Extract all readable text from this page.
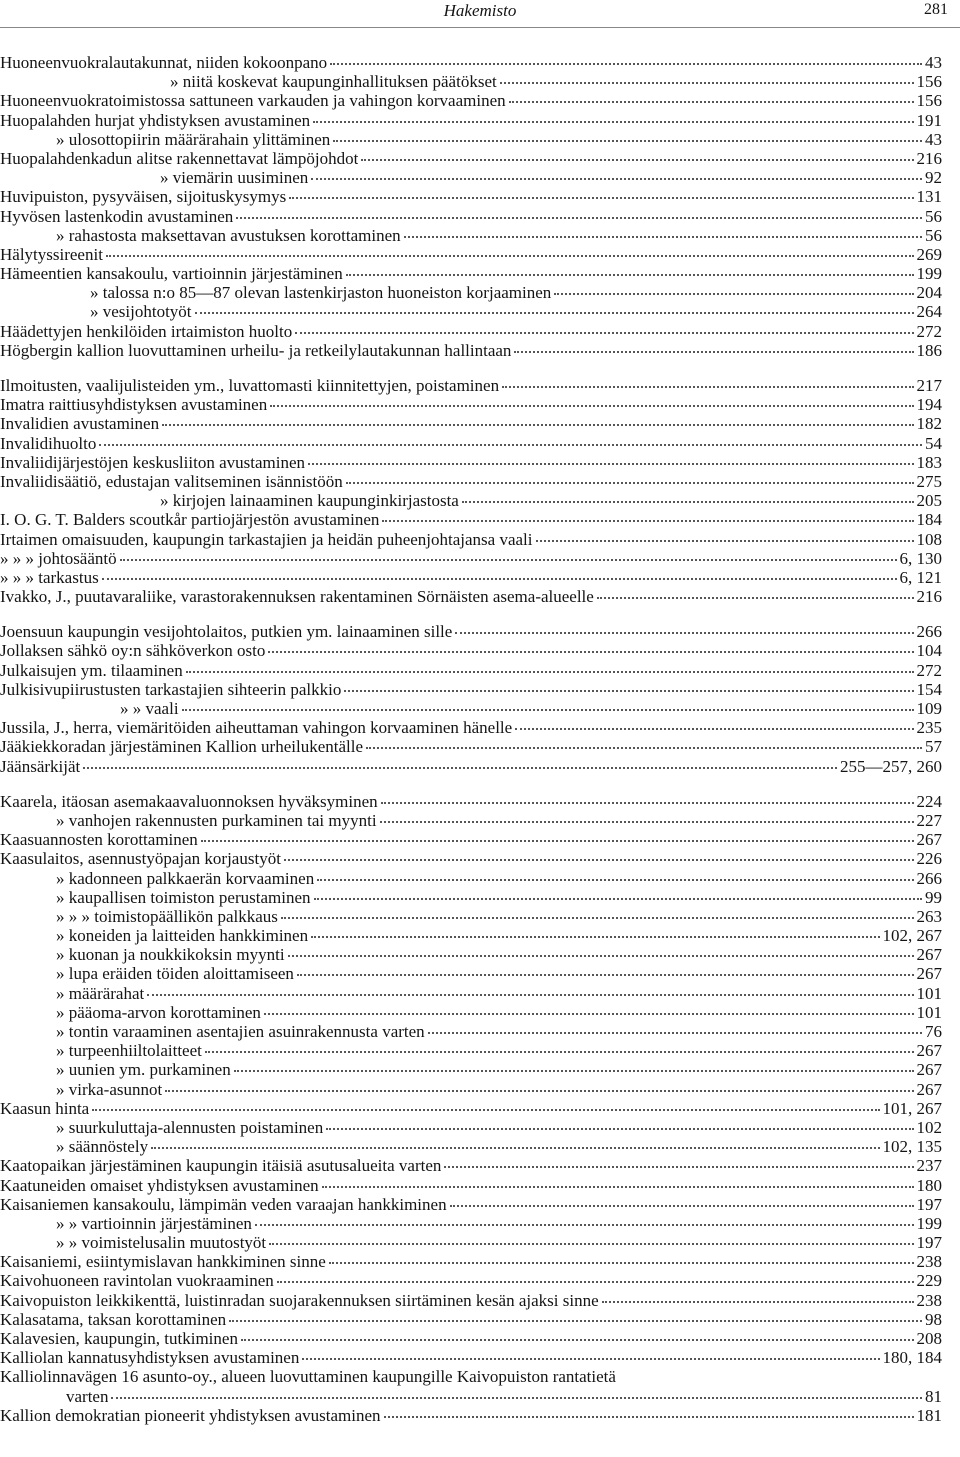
Hakemisto	281
Huoneenvuokralautakunnat, niiden kokoonpano	43
» niitä koskevat kaupunginhallituksen päätökset	156
Huoneenvuokratoimistossa sattuneen varkauden ja vahingon korvaaminen	156
Huopalahden hurjat yhdistyksen avustaminen	191
» ulosottopiirin määrärahain ylittäminen	43
Huopalahdenkadun alitse rakennettavat lämpöjohdot	216
» viemärin uusiminen	92
Huvipuiston, pysyväisen, sijoituskysymys	131
Hyvösen lastenkodin avustaminen	56
» rahastosta maksettavan avustuksen korottaminen	56
Hälytyssireenit	269
Hämeentien kansakoulu, vartioinnin järjestäminen	199
» talossa n:o 85—87 olevan lastenkirjaston huoneiston korjaaminen	204
» vesijohtotyöt	264
Häädettyjen henkilöiden irtaimiston huolto	272
Högbergin kallion luovuttaminen urheilu- ja retkeilylautakunnan hallintaan	186
Ilmoitusten, vaalijulisteiden ym., luvattomasti kiinnitettyjen, poistaminen	217
Imatra raittiusyhdistyksen avustaminen	194
Invalidien avustaminen	182
Invalidihuolto	54
Invaliidijärjestöjen keskusliiton avustaminen	183
Invaliidisäätiö, edustajan valitseminen isännistöön	275
» kirjojen lainaaminen kaupunginkirjastosta	205
I. O. G. T. Balders scoutkår partiojärjestön avustaminen	184
Irtaimen omaisuuden, kaupungin tarkastajien ja heidän puheenjohtajansa vaali	108
» » » johtosääntö	6, 130
» » » tarkastus	6, 121
Ivakko, J., puutavaraliike, varastorakennuksen rakentaminen Sörnäisten asema-alueelle	216
Joensuun kaupungin vesijohtolaitos, putkien ym. lainaaminen sille	266
Jollaksen sähkö oy:n sähköverkon osto	104
Julkaisujen ym. tilaaminen	272
Julkisivupiirustusten tarkastajien sihteerin palkkio	154
» » vaali	109
Jussila, J., herra, viemäritöiden aiheuttaman vahingon korvaaminen hänelle	235
Jääkiekkoradan järjestäminen Kallion urheilukentälle	57
Jäänsärkijät	255—257, 260
Kaarela, itäosan asemakaavaluonnoksen hyväksyminen	224
» vanhojen rakennusten purkaminen tai myynti	227
Kaasuannosten korottaminen	267
Kaasulaitos, asennustyöpajan korjaustyöt	226
» kadonneen palkkaerän korvaaminen	266
» kaupallisen toimiston perustaminen	99
» » » toimistopäällikön palkkaus	263
» koneiden ja laitteiden hankkiminen	102, 267
» kuonan ja noukkikoksin myynti	267
» lupa eräiden töiden aloittamiseen	267
» määrärahat	101
» pääoma-arvon korottaminen	101
» tontin varaaminen asentajien asuinrakennusta varten	76
» turpeenhiiltolaitteet	267
» uunien ym. purkaminen	267
» virka-asunnot	267
Kaasun hinta	101, 267
» suurkuluttaja-alennusten poistaminen	102
» säännöstely	102, 135
Kaatopaikan järjestäminen kaupungin itäisiä asutusalueita varten	237
Kaatuneiden omaiset yhdistyksen avustaminen	180
Kaisaniemen kansakoulu, lämpimän veden varaajan hankkiminen	197
» » vartioinnin järjestäminen	199
» » voimistelusalin muutostyöt	197
Kaisaniemi, esiintymislavan hankkiminen sinne	238
Kaivohuoneen ravintolan vuokraaminen	229
Kaivopuiston leikkikenttä, luistinradan suojarakennuksen siirtäminen kesän ajaksi sinne	238
Kalasatama, taksan korottaminen	98
Kalavesien, kaupungin, tutkiminen	208
Kalliolan kannatusyhdistyksen avustaminen	180, 184
Kalliolinnavägen 16 asunto-oy., alueen luovuttaminen kaupungille Kaivopuiston rantatietä
varten	81
Kallion demokratian pioneerit yhdistyksen avustaminen	181
